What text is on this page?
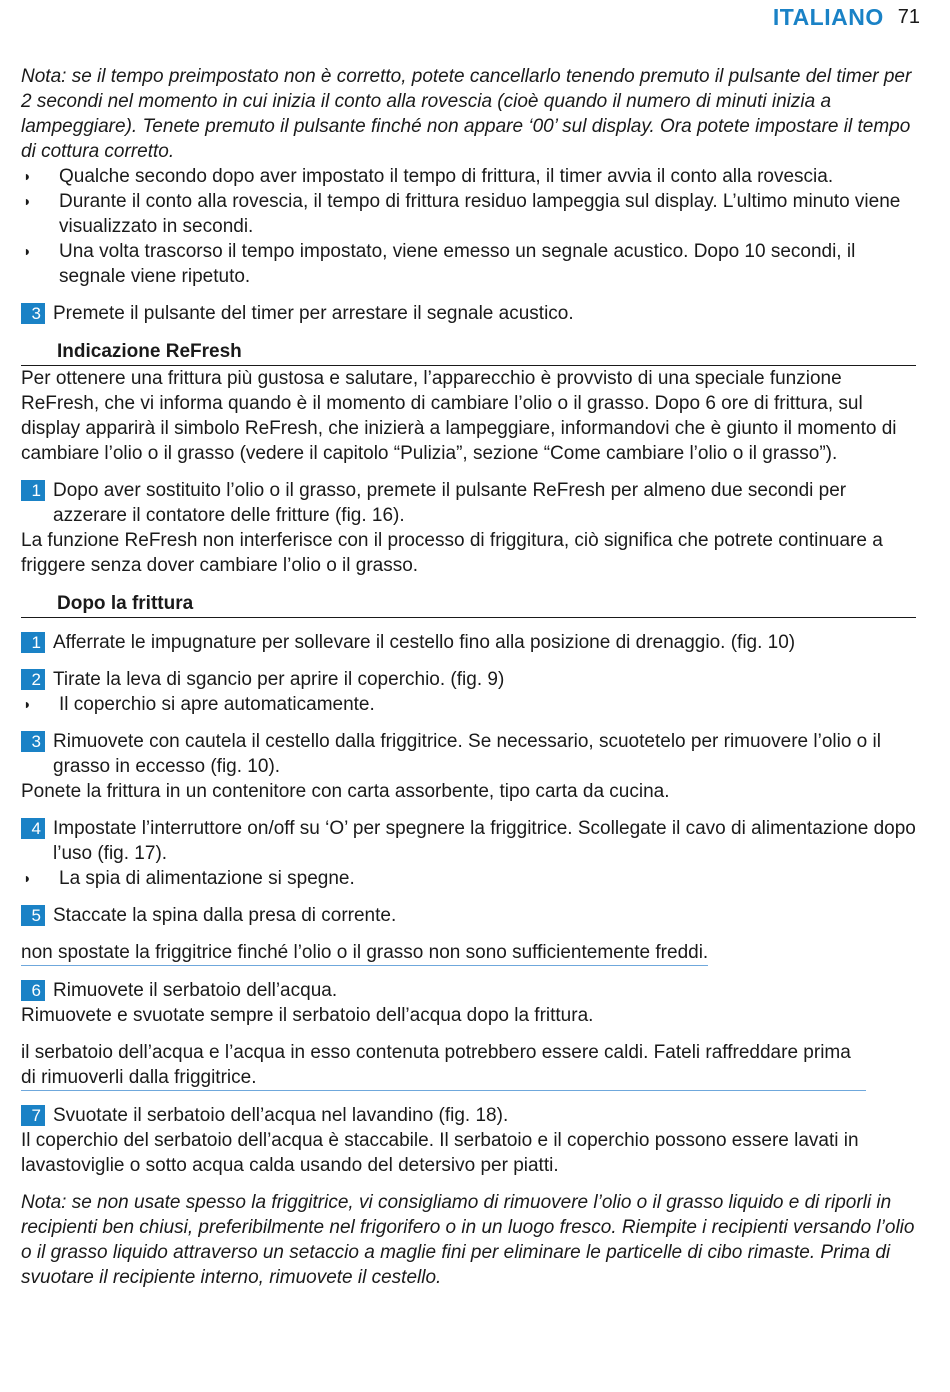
ITALIANO 71

Nota: se il tempo preimpostato non è corretto, potete cancellarlo tenendo premuto il pulsante del timer per 2 secondi nel momento in cui inizia il conto alla rovescia (cioè quando il numero di minuti inizia a lampeggiare). Tenete premuto il pulsante finché non appare ‘00’ sul display. Ora potete impostare il tempo di cottura corretto.

◗	Qualche secondo dopo aver impostato il tempo di frittura, il timer avvia il conto alla rovescia.
◗	Durante il conto alla rovescia, il tempo di frittura residuo lampeggia sul display. L’ultimo minuto viene visualizzato in secondi.
◗	Una volta trascorso il tempo impostato, viene emesso un segnale acustico. Dopo 10 secondi, il segnale viene ripetuto.
3 Premete il pulsante del timer per arrestare il segnale acustico.
Indicazione ReFresh

Per ottenere una frittura più gustosa e salutare, l’apparecchio è provvisto di una speciale funzione ReFresh, che vi informa quando è il momento di cambiare l’olio o il grasso. Dopo 6 ore di frittura, sul display apparirà il simbolo ReFresh, che inizierà a lampeggiare, informandovi che è giunto il momento di cambiare l’olio o il grasso (vedere il capitolo “Pulizia”, sezione “Come cambiare l’olio o il grasso”).

1 Dopo aver sostituito l’olio o il grasso, premete il pulsante ReFresh per almeno due secondi per azzerare il contatore delle fritture (fig. 16).

La funzione ReFresh non interferisce con il processo di friggitura, ciò significa che potrete continuare a friggere senza dover cambiare l’olio o il grasso.

Dopo la frittura
1 Afferrate le impugnature per sollevare il cestello fino alla posizione di drenaggio. (fig. 10)
2 Tirate la leva di sgancio per aprire il coperchio. (fig. 9)
◗	Il coperchio si apre automaticamente.
3 Rimuovete con cautela il cestello dalla friggitrice. Se necessario, scuotetelo per rimuovere l’olio o il grasso in eccesso (fig. 10).

Ponete la frittura in un contenitore con carta assorbente, tipo carta da cucina.

4 Impostate l’interruttore on/off su ‘O’ per spegnere la friggitrice. Scollegate il cavo di alimentazione dopo l’uso (fig. 17).
◗	La spia di alimentazione si spegne.
5 Staccate la spina dalla presa di corrente.
non spostate la friggitrice finché l’olio o il grasso non sono sufficientemente freddi.
6 Rimuovete il serbatoio dell’acqua.

Rimuovete e svuotate sempre il serbatoio dell’acqua dopo la frittura.

il serbatoio dell’acqua e l’acqua in esso contenuta potrebbero essere caldi. Fateli raffreddare prima di rimuoverli dalla friggitrice.
7 Svuotate il serbatoio dell’acqua nel lavandino (fig. 18).

Il coperchio del serbatoio dell’acqua è staccabile. Il serbatoio e il coperchio possono essere lavati in lavastoviglie o sotto acqua calda usando del detersivo per piatti.

Nota: se non usate spesso la friggitrice, vi consigliamo di rimuovere l’olio o il grasso liquido e di riporli in recipienti ben chiusi, preferibilmente nel frigorifero o in un luogo fresco. Riempite i recipienti versando l’olio o il grasso liquido attraverso un setaccio a maglie fini per eliminare le particelle di cibo rimaste. Prima di svuotare il recipiente interno, rimuovete il cestello.
